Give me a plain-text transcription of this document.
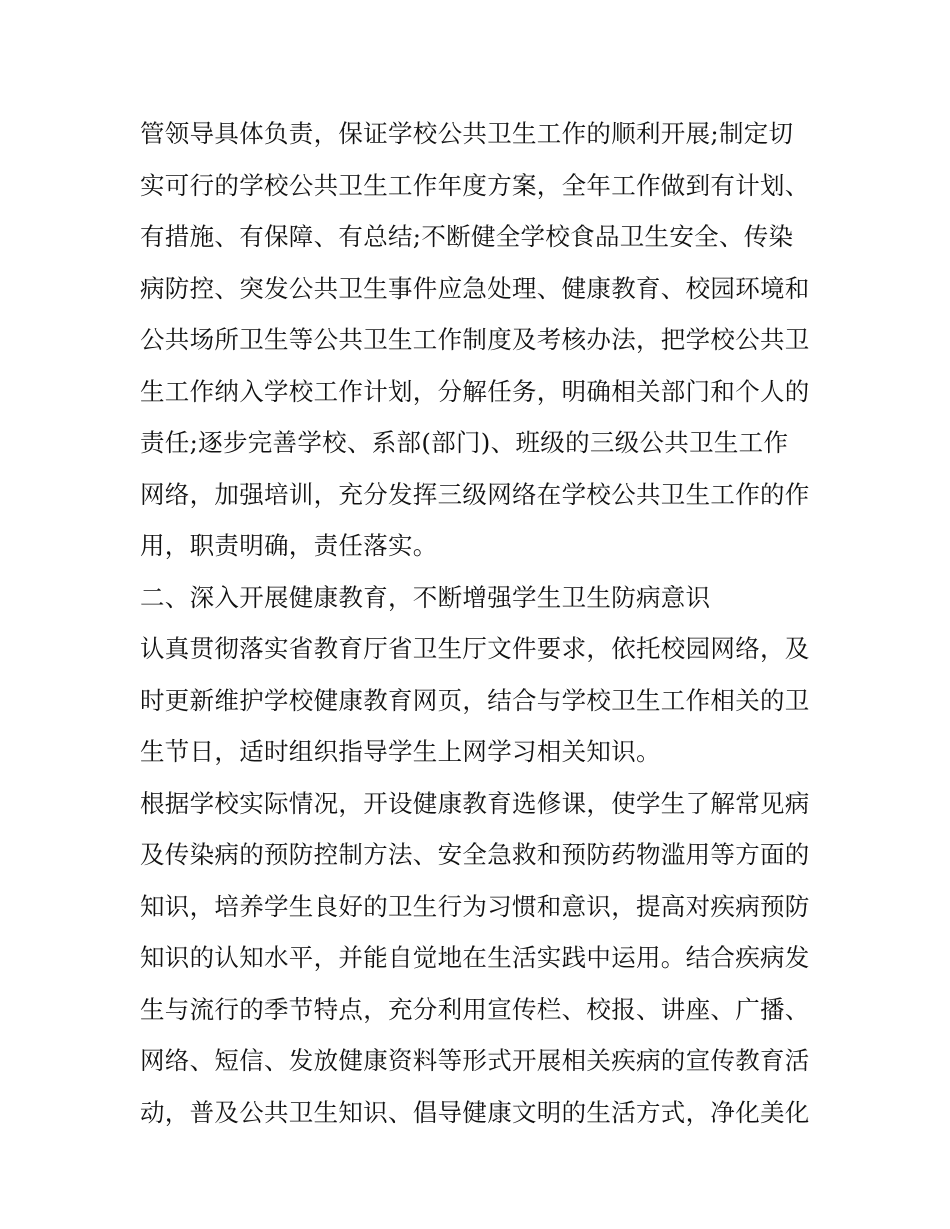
管领导具体负责，保证学校公共卫生工作的顺利开展;制定切
实可行的学校公共卫生工作年度方案，全年工作做到有计划、
有措施、有保障、有总结;不断健全学校食品卫生安全、传染
病防控、突发公共卫生事件应急处理、健康教育、校园环境和
公共场所卫生等公共卫生工作制度及考核办法，把学校公共卫
生工作纳入学校工作计划，分解任务，明确相关部门和个人的
责任;逐步完善学校、系部(部门)、班级的三级公共卫生工作
网络，加强培训，充分发挥三级网络在学校公共卫生工作的作
用，职责明确，责任落实。
二、深入开展健康教育，不断增强学生卫生防病意识
认真贯彻落实省教育厅省卫生厅文件要求，依托校园网络，及
时更新维护学校健康教育网页，结合与学校卫生工作相关的卫
生节日，适时组织指导学生上网学习相关知识。
根据学校实际情况，开设健康教育选修课，使学生了解常见病
及传染病的预防控制方法、安全急救和预防药物滥用等方面的
知识，培养学生良好的卫生行为习惯和意识，提高对疾病预防
知识的认知水平，并能自觉地在生活实践中运用。结合疾病发
生与流行的季节特点，充分利用宣传栏、校报、讲座、广播、
网络、短信、发放健康资料等形式开展相关疾病的宣传教育活
动，普及公共卫生知识、倡导健康文明的生活方式，净化美化
